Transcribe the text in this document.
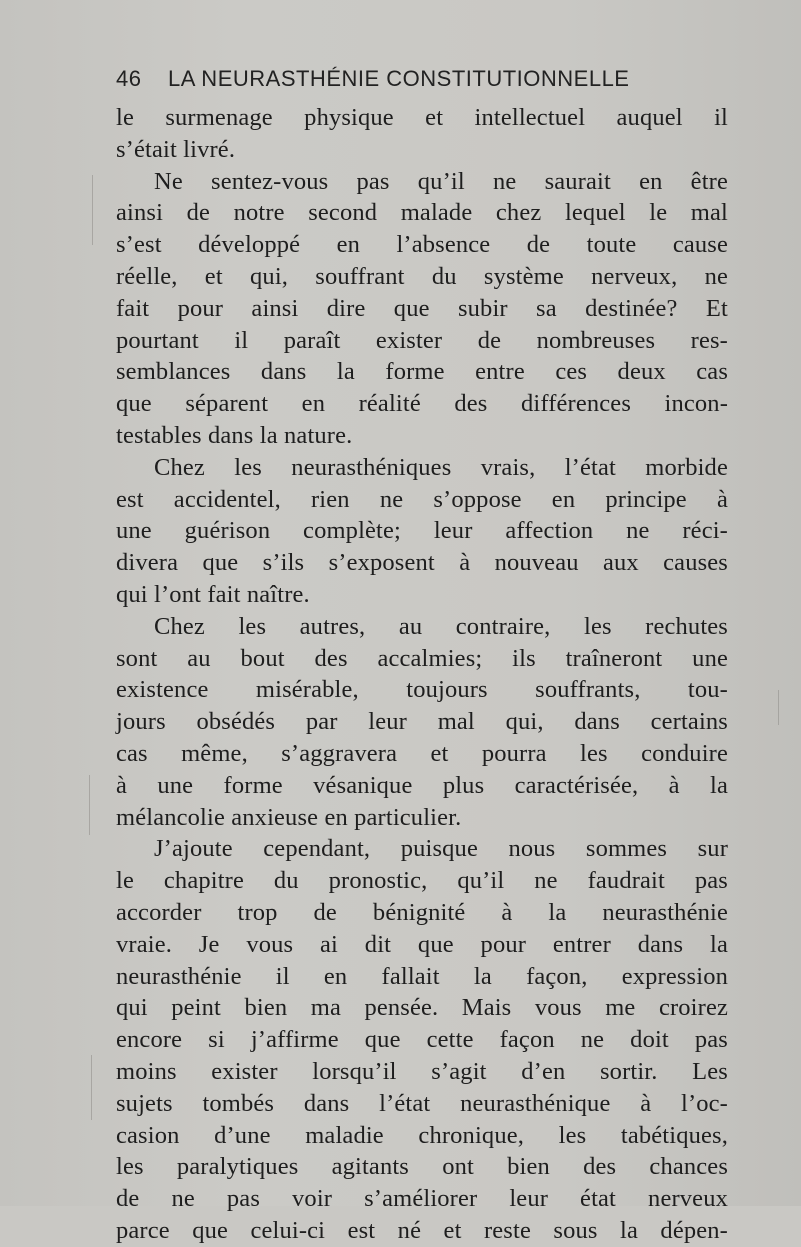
46	LA NEURASTHÉNIE CONSTITUTIONNELLE
le surmenage physique et intellectuel auquel il
s’était livré.
Ne sentez-vous pas qu’il ne saurait en être
ainsi de notre second malade chez lequel le mal
s’est développé en l’absence de toute cause
réelle, et qui, souffrant du système nerveux, ne
fait pour ainsi dire que subir sa destinée? Et
pourtant il paraît exister de nombreuses res-
semblances dans la forme entre ces deux cas
que séparent en réalité des différences incon-
testables dans la nature.
Chez les neurasthéniques vrais, l’état morbide
est accidentel, rien ne s’oppose en principe à
une guérison complète; leur affection ne réci-
divera que s’ils s’exposent à nouveau aux causes
qui l’ont fait naître.
Chez les autres, au contraire, les rechutes
sont au bout des accalmies; ils traîneront une
existence misérable, toujours souffrants, tou-
jours obsédés par leur mal qui, dans certains
cas même, s’aggravera et pourra les conduire
à une forme vésanique plus caractérisée, à la
mélancolie anxieuse en particulier.
J’ajoute cependant, puisque nous sommes sur
le chapitre du pronostic, qu’il ne faudrait pas
accorder trop de bénignité à la neurasthénie
vraie. Je vous ai dit que pour entrer dans la
neurasthénie il en fallait la façon, expression
qui peint bien ma pensée. Mais vous me croirez
encore si j’affirme que cette façon ne doit pas
moins exister lorsqu’il s’agit d’en sortir. Les
sujets tombés dans l’état neurasthénique à l’oc-
casion d’une maladie chronique, les tabétiques,
les paralytiques agitants ont bien des chances
de ne pas voir s’améliorer leur état nerveux
parce que celui-ci est né et reste sous la dépen-
